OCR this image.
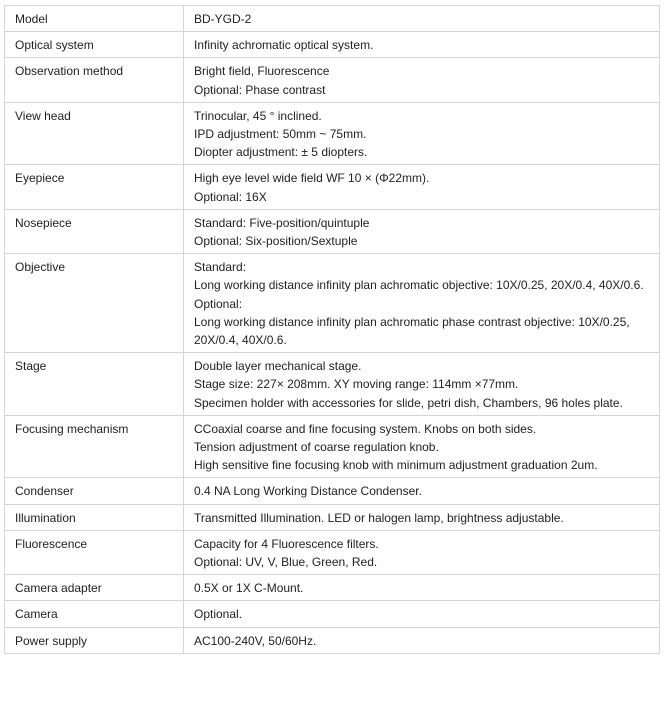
Model	BD-YGD-2

Optical system	Infinity achromatic optical system.

Observation method	Bright field, Fluorescence
Optional: Phase contrast

View head	Trinocular, 45 ° inclined.
IPD adjustment: 50mm ~ 75mm.
Diopter adjustment: ± 5 diopters.

Eyepiece	High eye level wide field WF 10 × (Φ22mm).
Optional: 16X

Nosepiece	Standard: Five-position/quintuple
Optional: Six-position/Sextuple

Objective	Standard:
Long working distance infinity plan achromatic objective: 10X/0.25, 20X/0.4, 40X/0.6.
Optional:
Long working distance infinity plan achromatic phase contrast objective: 10X/0.25, 20X/0.4, 40X/0.6.

Stage	Double layer mechanical stage.
Stage size: 227× 208mm. XY moving range: 114mm ×77mm.
Specimen holder with accessories for slide, petri dish, Chambers, 96 holes plate.

Focusing mechanism	CCoaxial coarse and fine focusing system. Knobs on both sides.
Tension adjustment of coarse regulation knob.
High sensitive fine focusing knob with minimum adjustment graduation 2um.

Condenser	0.4 NA Long Working Distance Condenser.

Illumination	Transmitted Illumination. LED or halogen lamp, brightness adjustable.

Fluorescence	Capacity for 4 Fluorescence filters.
Optional: UV, V, Blue, Green, Red.

Camera adapter	0.5X or 1X C-Mount.

Camera	Optional.

Power supply	AC100-240V, 50/60Hz.
